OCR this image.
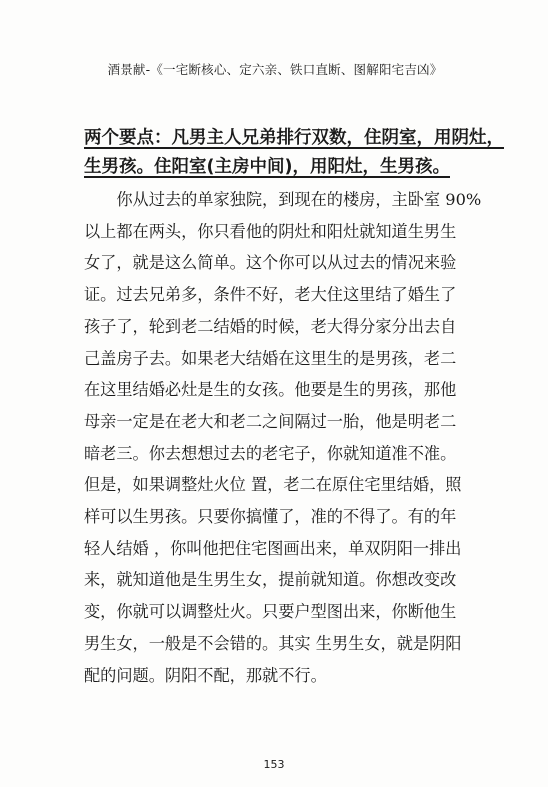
酒景献-《一宅断核心、定六亲、铁口直断、图解阳宅吉凶》
两个要点：凡男主人兄弟排行双数，住阴室，用阴灶，
生男孩。住阳室(主房中间)，用阳灶，生男孩。
　　你从过去的单家独院，到现在的楼房，主卧室 90%
以上都在两头，你只看他的阴灶和阳灶就知道生男生
女了，就是这么简单。这个你可以从过去的情况来验
证。过去兄弟多，条件不好，老大住这里结了婚生了
孩子了，轮到老二结婚的时候，老大得分家分出去自
己盖房子去。如果老大结婚在这里生的是男孩，老二
在这里结婚必灶是生的女孩。他要是生的男孩，那他
母亲一定是在老大和老二之间隔过一胎，他是明老二
暗老三。你去想想过去的老宅子，你就知道准不准。
但是，如果调整灶火位 置，老二在原住宅里结婚，照
样可以生男孩。只要你搞懂了，准的不得了。有的年
轻人结婚 ，你叫他把住宅图画出来，单双阴阳一排出
来，就知道他是生男生女，提前就知道。你想改变改
变，你就可以调整灶火。只要户型图出来，你断他生
男生女，一般是不会错的。其实 生男生女，就是阴阳
配的问题。阴阳不配，那就不行。
153
